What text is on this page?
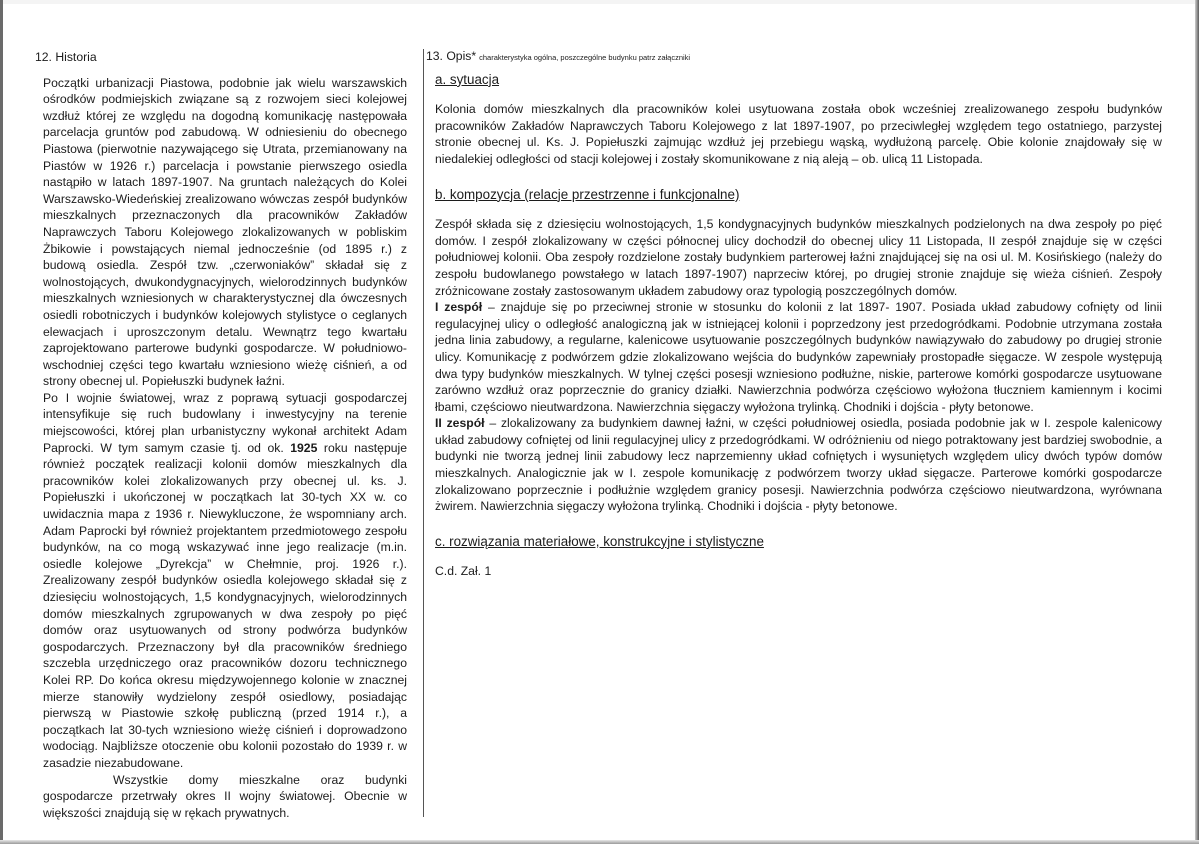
12. Historia

Początki urbanizacji Piastowa, podobnie jak wielu warszawskich ośrodków podmiejskich związane są z rozwojem sieci kolejowej wzdłuż której ze względu na dogodną komunikację następowała parcelacja gruntów pod zabudową. W odniesieniu do obecnego Piastowa (pierwotnie nazywającego się Utrata, przemianowany na Piastów w 1926 r.) parcelacja i powstanie pierwszego osiedla nastąpiło w latach 1897-1907. Na gruntach należących do Kolei Warszawsko-Wiedeńskiej zrealizowano wówczas zespół budynków mieszkalnych przeznaczonych dla pracowników Zakładów Naprawczych Taboru Kolejowego zlokalizowanych w pobliskim Żbikowie i powstających niemal jednocześnie (od 1895 r.) z budową osiedla. Zespół tzw. „czerwoniaków” składał się z wolnostojących, dwukondygnacyjnych, wielorodzinnych budynków mieszkalnych wzniesionych w charakterystycznej dla ówczesnych osiedli robotniczych i budynków kolejowych stylistyce o ceglanych elewacjach i uproszczonym detalu. Wewnątrz tego kwartału zaprojektowano parterowe budynki gospodarcze. W południowo-wschodniej części tego kwartału wzniesiono wieżę ciśnień, a od strony obecnej ul. Popiełuszki budynek łaźni.

Po I wojnie światowej, wraz z poprawą sytuacji gospodarczej intensyfikuje się ruch budowlany i inwestycyjny na terenie miejscowości, której plan urbanistyczny wykonał architekt Adam Paprocki. W tym samym czasie tj. od ok. 1925 roku następuje również początek realizacji kolonii domów mieszkalnych dla pracowników kolei zlokalizowanych przy obecnej ul. ks. J. Popiełuszki i ukończonej w początkach lat 30-tych XX w. co uwidacznia mapa z 1936 r. Niewykluczone, że wspomniany arch. Adam Paprocki był również projektantem przedmiotowego zespołu budynków, na co mogą wskazywać inne jego realizacje (m.in. osiedle kolejowe „Dyrekcja” w Chełmnie, proj. 1926 r.). Zrealizowany zespół budynków osiedla kolejowego składał się z dziesięciu wolnostojących, 1,5 kondygnacyjnych, wielorodzinnych domów mieszkalnych zgrupowanych w dwa zespoły po pięć domów oraz usytuowanych od strony podwórza budynków gospodarczych. Przeznaczony był dla pracowników średniego szczebla urzędniczego oraz pracowników dozoru technicznego Kolei RP. Do końca okresu międzywojennego kolonie w znacznej mierze stanowiły wydzielony zespół osiedlowy, posiadając pierwszą w Piastowie szkołę publiczną (przed 1914 r.), a początkach lat 30-tych wzniesiono wieżę ciśnień i doprowadzono wodociąg. Najbliższe otoczenie obu kolonii pozostało do 1939 r. w zasadzie niezabudowane.

Wszystkie domy mieszkalne oraz budynki gospodarcze przetrwały okres II wojny światowej. Obecnie w większości znajdują się w rękach prywatnych.

13. Opis* charakterystyka ogólna, poszczególne budynku patrz załączniki
a. sytuacja

Kolonia domów mieszkalnych dla pracowników kolei usytuowana została obok wcześniej zrealizowanego zespołu budynków pracowników Zakładów Naprawczych Taboru Kolejowego z lat 1897-1907, po przeciwległej względem tego ostatniego, parzystej stronie obecnej ul. Ks. J. Popiełuszki zajmując wzdłuż jej przebiegu wąską, wydłużoną parcelę. Obie kolonie znajdowały się w niedalekiej odległości od stacji kolejowej i zostały skomunikowane z nią aleją – ob. ulicą 11 Listopada.

b. kompozycja (relacje przestrzenne i funkcjonalne)

Zespół składa się z dziesięciu wolnostojących, 1,5 kondygnacyjnych budynków mieszkalnych podzielonych na dwa zespoły po pięć domów. I zespół zlokalizowany w części północnej ulicy dochodził do obecnej ulicy 11 Listopada, II zespół znajduje się w części południowej kolonii. Oba zespoły rozdzielone zostały budynkiem parterowej łaźni znajdującej się na osi ul. M. Kosińskiego (należy do zespołu budowlanego powstałego w latach 1897-1907) naprzeciw której, po drugiej stronie znajduje się wieża ciśnień. Zespoły zróżnicowane zostały zastosowanym układem zabudowy oraz typologią poszczególnych domów.

I zespół – znajduje się po przeciwnej stronie w stosunku do kolonii z lat 1897- 1907. Posiada układ zabudowy cofnięty od linii regulacyjnej ulicy o odległość analogiczną jak w istniejącej kolonii i poprzedzony jest przedogródkami. Podobnie utrzymana została jedna linia zabudowy, a regularne, kalenicowe usytuowanie poszczególnych budynków nawiązywało do zabudowy po drugiej stronie ulicy. Komunikację z podwórzem gdzie zlokalizowano wejścia do budynków zapewniały prostopadłe sięgacze. W zespole występują dwa typy budynków mieszkalnych. W tylnej części posesji wzniesiono podłużne, niskie, parterowe komórki gospodarcze usytuowane zarówno wzdłuż oraz poprzecznie do granicy działki. Nawierzchnia podwórza częściowo wyłożona tłuczniem kamiennym i kocimi łbami, częściowo nieutwardzona. Nawierzchnia sięgaczy wyłożona trylinką. Chodniki i dojścia - płyty betonowe.

II zespół – zlokalizowany za budynkiem dawnej łaźni, w części południowej osiedla, posiada podobnie jak w I. zespole kalenicowy układ zabudowy cofniętej od linii regulacyjnej ulicy z przedogródkami. W odróżnieniu od niego potraktowany jest bardziej swobodnie, a budynki nie tworzą jednej linii zabudowy lecz naprzemienny układ cofniętych i wysuniętych względem ulicy dwóch typów domów mieszkalnych. Analogicznie jak w I. zespole komunikację z podwórzem tworzy układ sięgacze. Parterowe komórki gospodarcze zlokalizowano poprzecznie i podłużnie względem granicy posesji. Nawierzchnia podwórza częściowo nieutwardzona, wyrównana żwirem. Nawierzchnia sięgaczy wyłożona trylinką. Chodniki i dojścia - płyty betonowe.

c. rozwiązania materiałowe, konstrukcyjne i stylistyczne

C.d. Zał. 1
